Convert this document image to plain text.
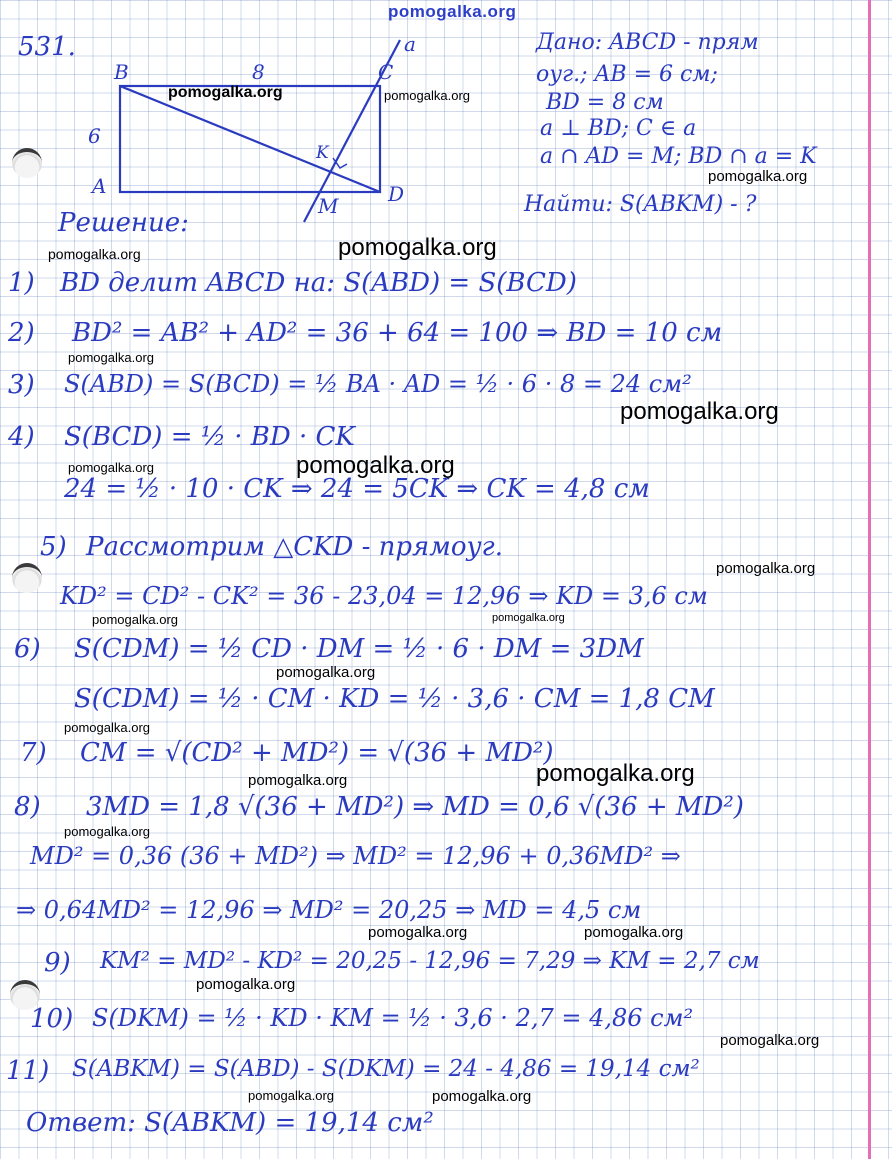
pomogalka.org
B	C
A	D
K
M
a
8
6
531.	Дано: ABCD - прям
оуг.; AB = 6 см;
BD = 8 см
a ⊥ BD; C ∈ a
a ∩ AD = M; BD ∩ a = K
Найти: S(ABKM) - ?
Решение:
1) BD делит ABCD на: S(ABD) = S(BCD)
2) BD² = AB² + AD² = 36 + 64 = 100 ⇒ BD = 10 см
3) S(ABD) = S(BCD) = ½ BA · AD = ½ · 6 · 8 = 24 см²
4) S(BCD) = ½ · BD · CK
24 = ½ · 10 · CK ⇒ 24 = 5CK ⇒ CK = 4,8 см
5) Рассмотрим △CKD - прямоуг.
KD² = CD² - CK² = 36 - 23,04 = 12,96 ⇒ KD = 3,6 см
6) S(CDM) = ½ CD · DM = ½ · 6 · DM = 3DM
S(CDM) = ½ · CM · KD = ½ · 3,6 · CM = 1,8 CM
7) CM = √(CD² + MD²) = √(36 + MD²)
8) 3MD = 1,8 √(36 + MD²) ⇒ MD = 0,6 √(36 + MD²)
MD² = 0,36 (36 + MD²) ⇒ MD² = 12,96 + 0,36MD² ⇒
⇒ 0,64MD² = 12,96 ⇒ MD² = 20,25 ⇒ MD = 4,5 см
9) KM² = MD² - KD² = 20,25 - 12,96 = 7,29 ⇒ KM = 2,7 см
10) S(DKM) = ½ · KD · KM = ½ · 3,6 · 2,7 = 4,86 см²
11) S(ABKM) = S(ABD) - S(DKM) = 24 - 4,86 = 19,14 см²
Ответ: S(ABKM) = 19,14 см²
pomogalka.org	pomogalka.org
pomogalka.org
pomogalka.org	pomogalka.org
pomogalka.org
pomogalka.org
pomogalka.org	pomogalka.org
pomogalka.org
pomogalka.org	pomogalka.org
pomogalka.org
pomogalka.org
pomogalka.org	pomogalka.org
pomogalka.org
pomogalka.org	pomogalka.org
pomogalka.org
pomogalka.org
pomogalka.org	pomogalka.org
